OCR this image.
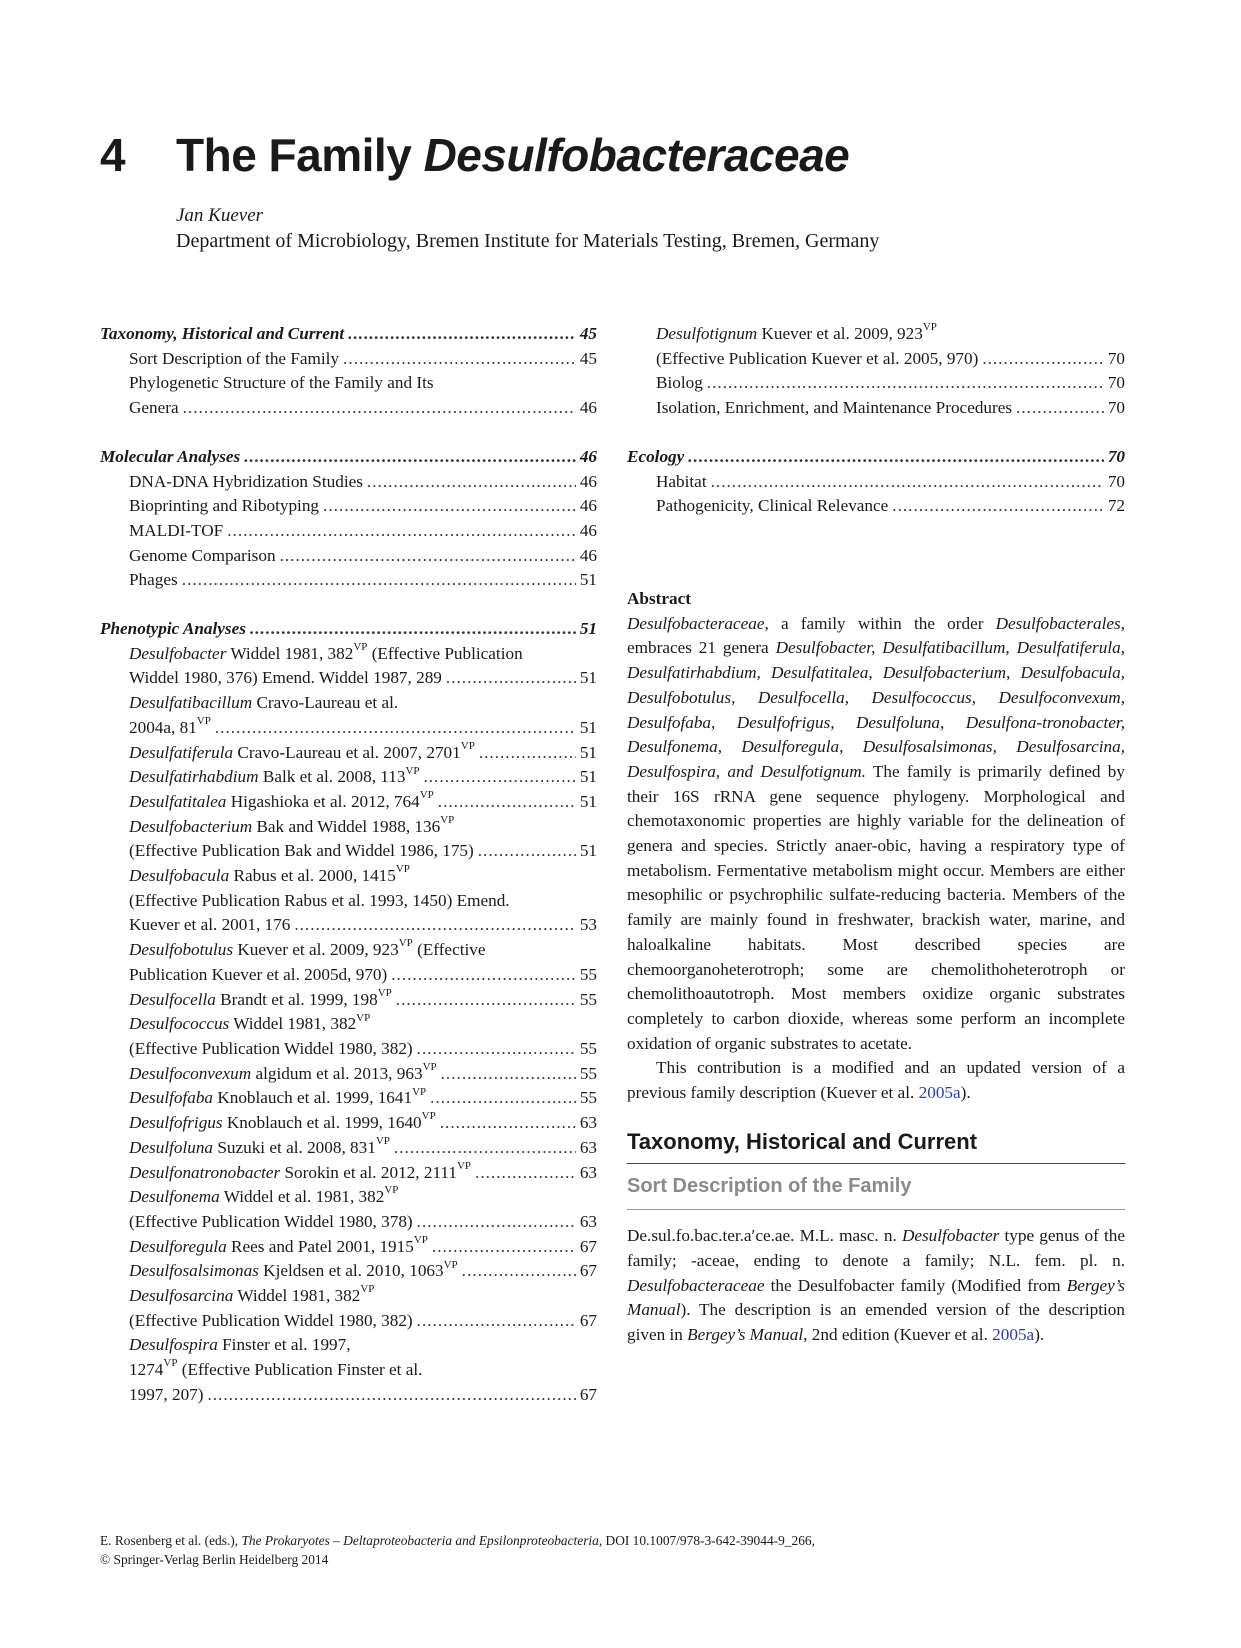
4 The Family Desulfobacteraceae
Jan Kuever
Department of Microbiology, Bremen Institute for Materials Testing, Bremen, Germany
Taxonomy, Historical and Current .....	45
Sort Description of the Family .....	45
Phylogenetic Structure of the Family and Its
Genera .....	46
Molecular Analyses .....	46
DNA-DNA Hybridization Studies .....	46
Bioprinting and Ribotyping .....	46
MALDI-TOF .....	46
Genome Comparison .....	46
Phages .....	51
Phenotypic Analyses .....	51
Desulfobacter Widdel 1981, $382^{VP}$ (Effective Publication
Widdel 1980, 376) Emend. Widdel 1987, 289 .....	51
Desulfatibacillum Cravo-Laureau et al.
2004a, $81^{VP}$ .....	51
Desulfatiferula Cravo-Laureau et al. 2007, $2701^{VP}$ .....	51
Desulfatirhabdium Balk et al. 2008, $113^{VP}$ .....	51
Desulfatitalea Higashioka et al. 2012, $764^{VP}$ .....	51
Desulfobacterium Bak and Widdel 1988, $136^{VP}$
(Effective Publication Bak and Widdel 1986, 175) .....	51
Desulfobacula Rabus et al. 2000, $1415^{VP}$
(Effective Publication Rabus et al. 1993, 1450) Emend.
Kuever et al. 2001, 176 .....	53
Desulfobotulus Kuever et al. 2009, $923^{VP}$ (Effective
Publication Kuever et al. 2005d, 970) .....	55
Desulfocella Brandt et al. 1999, $198^{VP}$ .....	55
Desulfococcus Widdel 1981, $382^{VP}$
(Effective Publication Widdel 1980, 382) .....	55
Desulfoconvexum algidum et al. 2013, $963^{VP}$ .....	55
Desulfofaba Knoblauch et al. 1999, $1641^{VP}$ .....	55
Desulfofrigus Knoblauch et al. 1999, $1640^{VP}$ .....	63
Desulfoluna Suzuki et al. 2008, $831^{VP}$ .....	63
Desulfonatronobacter Sorokin et al. 2012, $2111^{VP}$ .....	63
Desulfonema Widdel et al. 1981, $382^{VP}$
(Effective Publication Widdel 1980, 378) .....	63
Desulforegula Rees and Patel 2001, $1915^{VP}$ .....	67
Desulfosalsimonas Kjeldsen et al. 2010, $1063^{VP}$ .....	67
Desulfosarcina Widdel 1981, $382^{VP}$
(Effective Publication Widdel 1980, 382) .....	67
Desulfospira Finster et al. 1997,
$1274^{VP}$ (Effective Publication Finster et al.
1997, 207) .....	67
Desulfotignum Kuever et al. 2009, $923^{VP}$
(Effective Publication Kuever et al. 2005, 970) .....	70
Biolog .....	70
Isolation, Enrichment, and Maintenance Procedures .....	70
Ecology .....	70
Habitat .....	70
Pathogenicity, Clinical Relevance .....	72
Abstract

Desulfobacteraceae, a family within the order Desulfobacterales, embraces 21 genera Desulfobacter, Desulfatibacillum, Desulfatiferula, Desulfatirhabdium, Desulfatitalea, Desulfobacterium, Desulfobacula, Desulfobotulus, Desulfocella, Desulfococcus, Desulfoconvexum, Desulfofaba, Desulfofrigus, Desulfoluna, Desulfona-tronobacter, Desulfonema, Desulforegula, Desulfosalsimonas, Desulfosarcina, Desulfospira, and Desulfotignum. The family is primarily defined by their 16S rRNA gene sequence phylogeny. Morphological and chemotaxonomic properties are highly variable for the delineation of genera and species. Strictly anaer-obic, having a respiratory type of metabolism. Fermentative metabolism might occur. Members are either mesophilic or psychrophilic sulfate-reducing bacteria. Members of the family are mainly found in freshwater, brackish water, marine, and haloalkaline habitats. Most described species are chemoorganoheterotroph; some are chemolithoheterotroph or chemolithoautotroph. Most members oxidize organic substrates completely to carbon dioxide, whereas some perform an incomplete oxidation of organic substrates to acetate.

This contribution is a modified and an updated version of a previous family description (Kuever et al. 2005a).

Taxonomy, Historical and Current
Sort Description of the Family

De.sul.fo.bac.ter.a′ce.ae. M.L. masc. n. Desulfobacter type genus of the family; -aceae, ending to denote a family; N.L. fem. pl. n. Desulfobacteraceae the Desulfobacter family (Modified from Bergey’s Manual). The description is an emended version of the description given in Bergey’s Manual, 2nd edition (Kuever et al. 2005a).

E. Rosenberg et al. (eds.), The Prokaryotes – Deltaproteobacteria and Epsilonproteobacteria, DOI 10.1007/978-3-642-39044-9_266,
© Springer-Verlag Berlin Heidelberg 2014
